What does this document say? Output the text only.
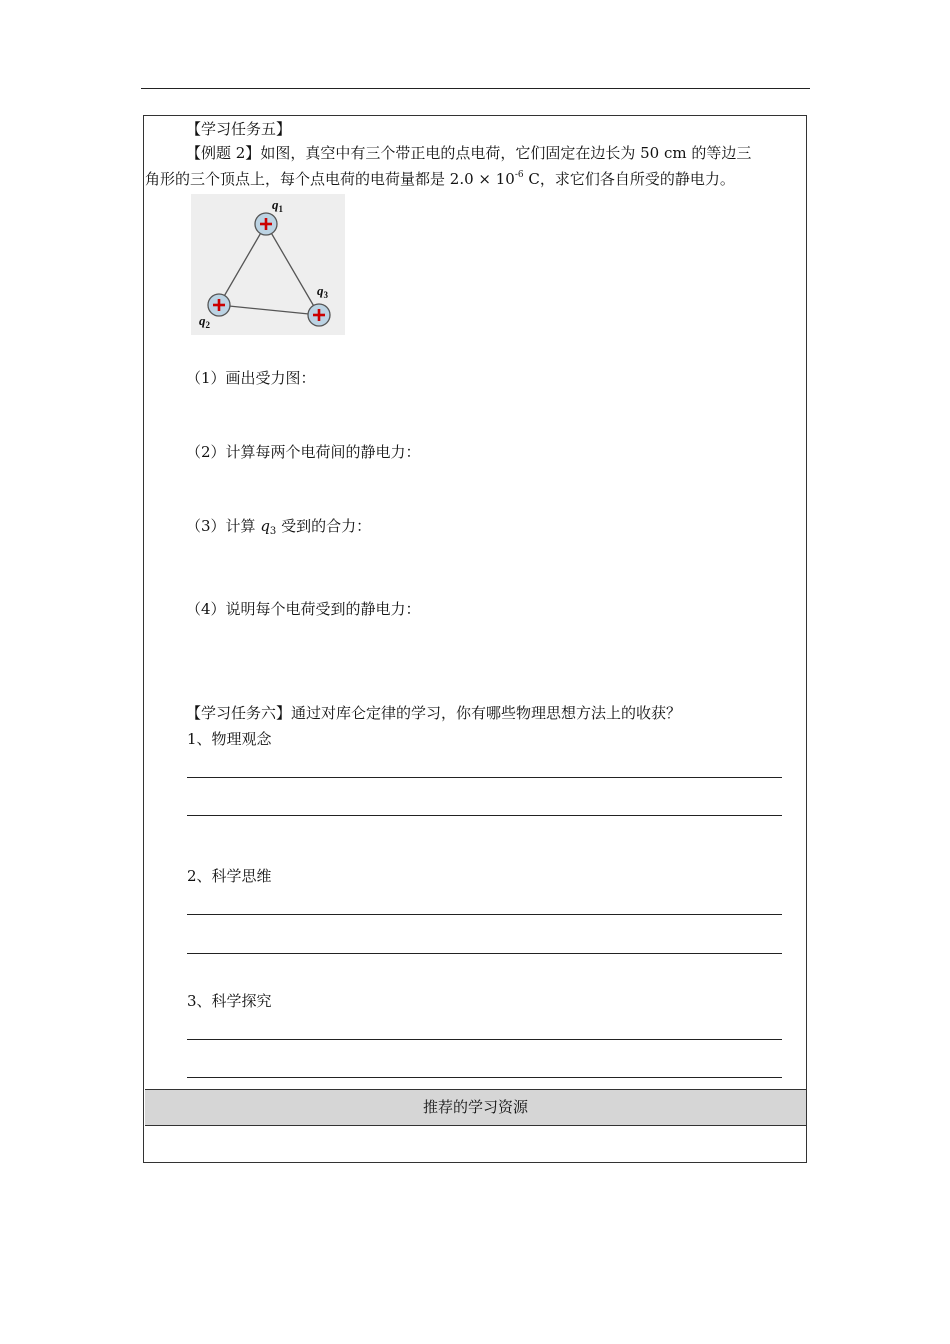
【学习任务五】
【例题 2】如图，真空中有三个带正电的点电荷，它们固定在边长为 50 cm 的等边三
角形的三个顶点上，每个点电荷的电荷量都是 $2.0 \times 10^{-6}$ C，求它们各自所受的静电力。
$q_1$
$q_2$
$q_3$
（1）画出受力图：
（2）计算每两个电荷间的静电力：
（3）计算 $q_3$ 受到的合力：
（4）说明每个电荷受到的静电力：
【学习任务六】通过对库仑定律的学习，你有哪些物理思想方法上的收获？
1、物理观念
2、科学思维
3、科学探究
推荐的学习资源
